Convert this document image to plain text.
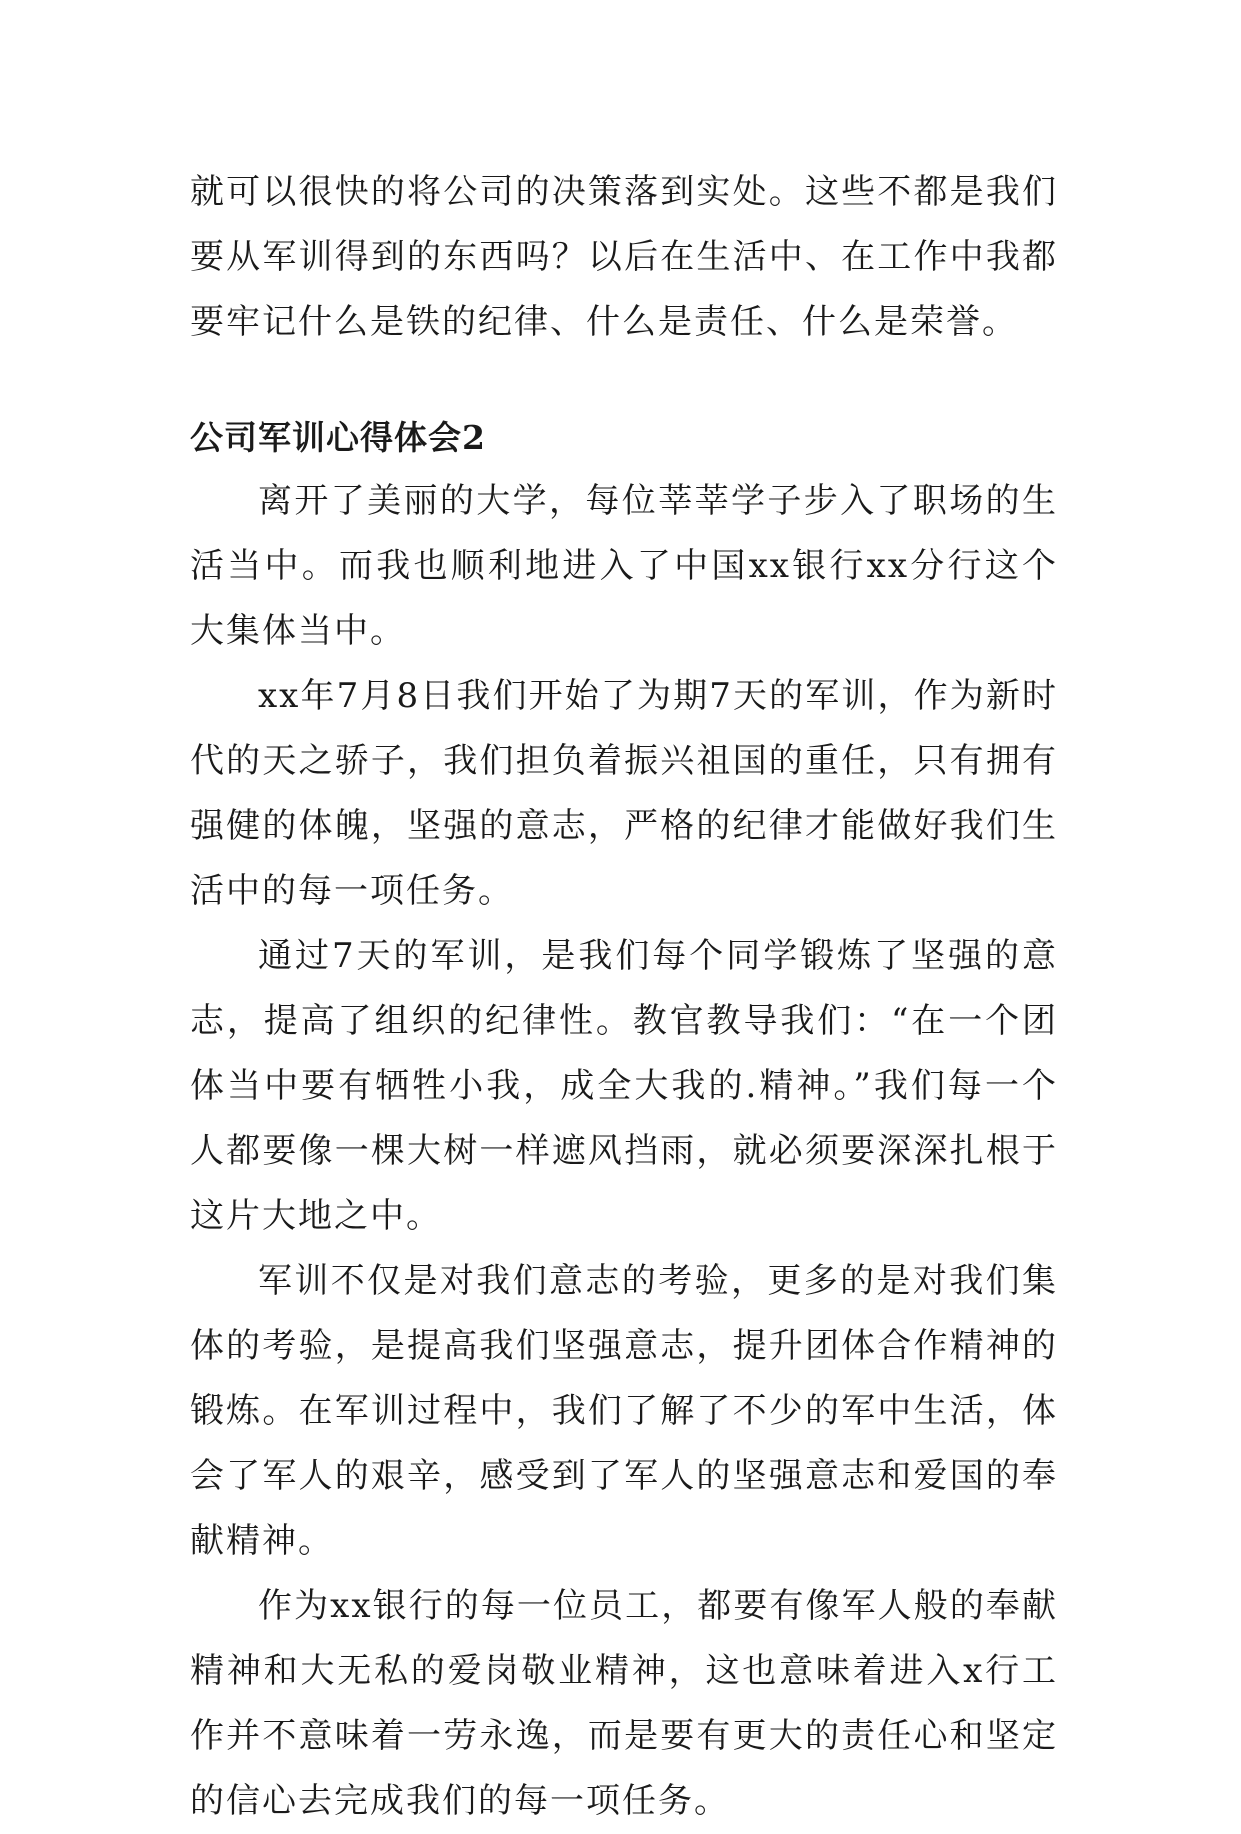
就可以很快的将公司的决策落到实处。这些不都是我们要从军训得到的东西吗？以后在生活中、在工作中我都要牢记什么是铁的纪律、什么是责任、什么是荣誉。

公司军训心得体会2

离开了美丽的大学，每位莘莘学子步入了职场的生活当中。而我也顺利地进入了中国xx银行xx分行这个大集体当中。

xx年7月8日我们开始了为期7天的军训，作为新时代的天之骄子，我们担负着振兴祖国的重任，只有拥有强健的体魄，坚强的意志，严格的纪律才能做好我们生活中的每一项任务。

通过7天的军训，是我们每个同学锻炼了坚强的意志，提高了组织的纪律性。教官教导我们：“在一个团体当中要有牺牲小我，成全大我的.精神。”我们每一个人都要像一棵大树一样遮风挡雨，就必须要深深扎根于这片大地之中。

军训不仅是对我们意志的考验，更多的是对我们集体的考验，是提高我们坚强意志，提升团体合作精神的锻炼。在军训过程中，我们了解了不少的军中生活，体会了军人的艰辛，感受到了军人的坚强意志和爱国的奉献精神。

作为xx银行的每一位员工，都要有像军人般的奉献精神和大无私的爱岗敬业精神，这也意味着进入x行工作并不意味着一劳永逸，而是要有更大的责任心和坚定的信心去完成我们的每一项任务。
